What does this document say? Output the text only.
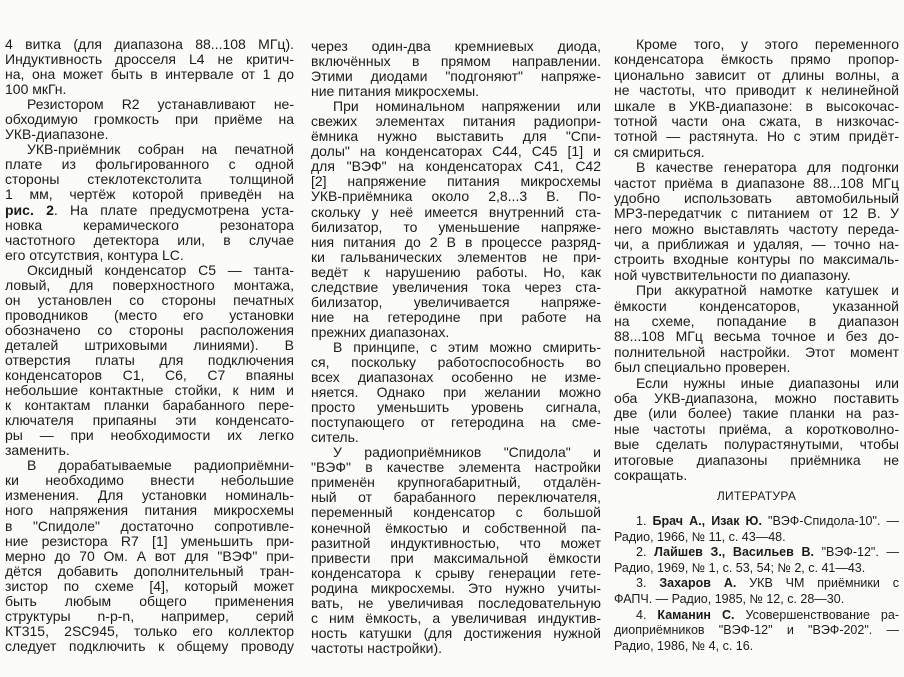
4 витка (для диапазона 88...108 МГц).
Индуктивность дросселя L4 не критич-
на, она может быть в интервале от 1 до
100 мкГн.
Резистором R2 устанавливают не-
обходимую громкость при приёме на
УКВ-диапазоне.
УКВ-приёмник собран на печатной
плате из фольгированного с одной
стороны стеклотекстолита толщиной
1 мм, чертёж которой приведён на
рис. 2. На плате предусмотрена уста-
новка керамического резонатора
частотного детектора или, в случае
его отсутствия, контура LC.
Оксидный конденсатор C5 — танта-
ловый, для поверхностного монтажа,
он установлен со стороны печатных
проводников (место его установки
обозначено со стороны расположения
деталей штриховыми линиями). В
отверстия платы для подключения
конденсаторов C1, C6, C7 впаяны
небольшие контактные стойки, к ним и
к контактам планки барабанного пере-
ключателя припаяны эти конденсато-
ры — при необходимости их легко
заменить.
В дорабатываемые радиоприёмни-
ки необходимо внести небольшие
изменения. Для установки номиналь-
ного напряжения питания микросхемы
в "Спидоле" достаточно сопротивле-
ние резистора R7 [1] уменьшить при-
мерно до 70 Ом. А вот для "ВЭФ" при-
дётся добавить дополнительный тран-
зистор по схеме [4], который может
быть любым общего применения
структуры n-p-n, например, серий
КТ315, 2SC945, только его коллектор
следует подключить к общему проводу
через один-два кремниевых диода,
включённых в прямом направлении.
Этими диодами "подгоняют" напряже-
ние питания микросхемы.
При номинальном напряжении или
свежих элементах питания радиопри-
ёмника нужно выставить для "Спи-
долы" на конденсаторах C44, C45 [1] и
для "ВЭФ" на конденсаторах C41, C42
[2] напряжение питания микросхемы
УКВ-приёмника около 2,8...3 В. По-
скольку у неё имеется внутренний ста-
билизатор, то уменьшение напряже-
ния питания до 2 В в процессе разряд-
ки гальванических элементов не при-
ведёт к нарушению работы. Но, как
следствие увеличения тока через ста-
билизатор, увеличивается напряже-
ние на гетеродине при работе на
прежних диапазонах.
В принципе, с этим можно смирить-
ся, поскольку работоспособность во
всех диапазонах особенно не изме-
няется. Однако при желании можно
просто уменьшить уровень сигнала,
поступающего от гетеродина на сме-
ситель.
У радиоприёмников "Спидола" и
"ВЭФ" в качестве элемента настройки
применён крупногабаритный, отдалён-
ный от барабанного переключателя,
переменный конденсатор с большой
конечной ёмкостью и собственной па-
разитной индуктивностью, что может
привести при максимальной ёмкости
конденсатора к срыву генерации гете-
родина микросхемы. Это нужно учиты-
вать, не увеличивая последовательную
с ним ёмкость, а увеличивая индуктив-
ность катушки (для достижения нужной
частоты настройки).
Кроме того, у этого переменного
конденсатора ёмкость прямо пропор-
ционально зависит от длины волны, а
не частоты, что приводит к нелинейной
шкале в УКВ-диапазоне: в высокочас-
тотной части она сжата, в низкочас-
тотной — растянута. Но с этим придёт-
ся смириться.
В качестве генератора для подгонки
частот приёма в диапазоне 88...108 МГц
удобно использовать автомобильный
MP3-передатчик с питанием от 12 В. У
него можно выставлять частоту переда-
чи, а приближая и удаляя, — точно на-
строить входные контуры по максималь-
ной чувствительности по диапазону.
При аккуратной намотке катушек и
ёмкости конденсаторов, указанной
на схеме, попадание в диапазон
88...108 МГц весьма точное и без до-
полнительной настройки. Этот момент
был специально проверен.
Если нужны иные диапазоны или
оба УКВ-диапазона, можно поставить
две (или более) такие планки на раз-
ные частоты приёма, а коротковолно-
вые сделать полурастянутыми, чтобы
итоговые диапазоны приёмника не
сокращать.
ЛИТЕРАТУРА
1. Брач А., Изак Ю. "ВЭФ-Спидола-10". —
Радио, 1966, № 11, с. 43—48.
2. Лайшев З., Васильев В. "ВЭФ-12". —
Радио, 1969, № 1, с. 53, 54; № 2, с. 41—43.
3. Захаров А. УКВ ЧМ приёмники с
ФАПЧ. — Радио, 1985, № 12, с. 28—30.
4. Каманин С. Усовершенствование ра-
диоприёмников "ВЭФ-12" и "ВЭФ-202". —
Радио, 1986, № 4, с. 16.
